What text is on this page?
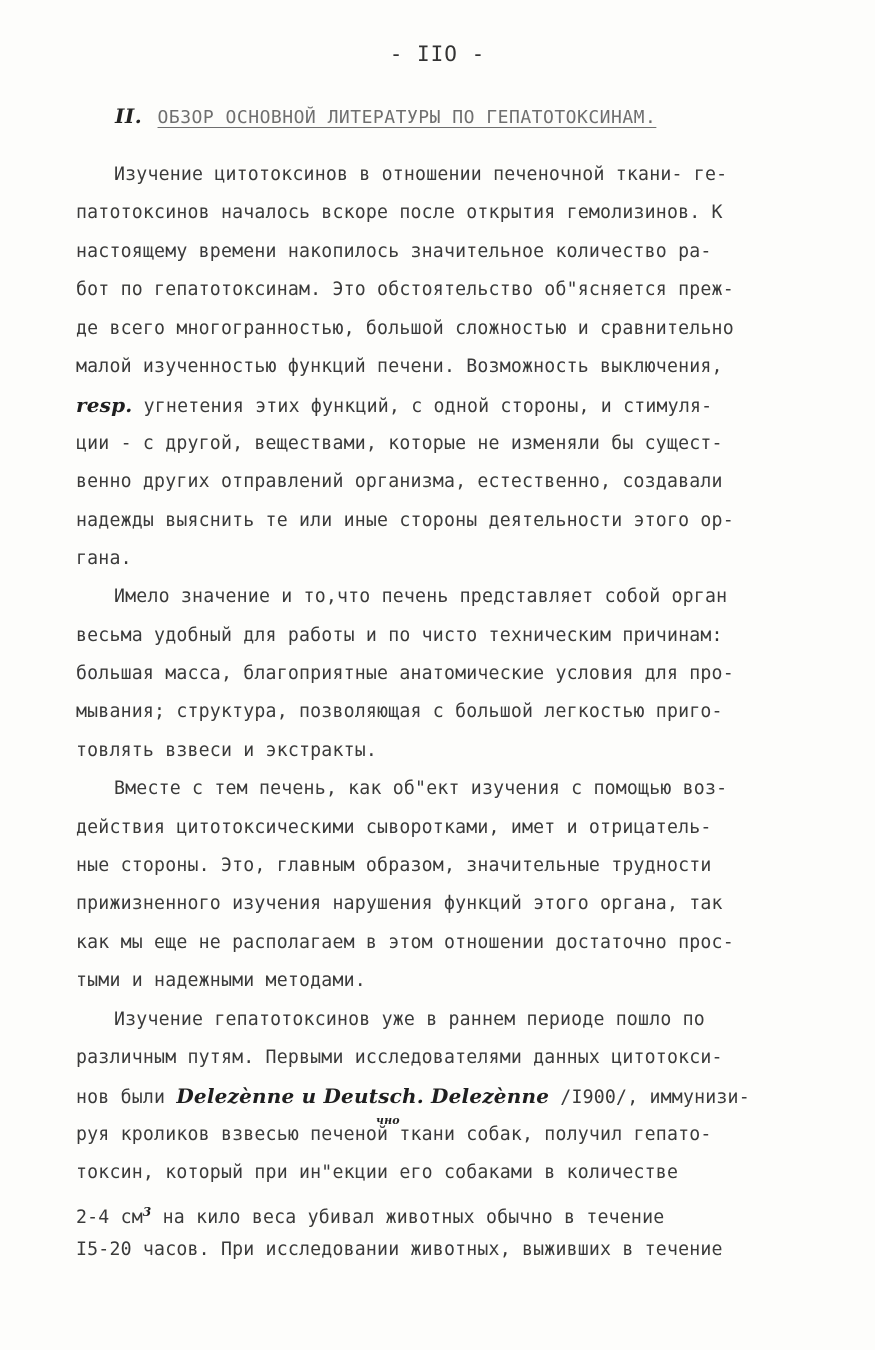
- IIO -
II. ОБЗОР ОСНОВНОЙ ЛИТЕРАТУРЫ ПО ГЕПАТОТОКСИНАМ.
Изучение цитотоксинов в отношении печеночной ткани- ге-
патотоксинов началось вскоре после открытия гемолизинов. К
настоящему времени накопилось значительное количество ра-
бот по гепатотоксинам. Это обстоятельство об"ясняется преж-
де всего многогранностью, большой сложностью и сравнительно
малой изученностью функций печени. Возможность выключения,
resp. угнетения этих функций, с одной стороны, и стимуля-
ции - с другой, веществами, которые не изменяли бы сущест-
венно других отправлений организма, естественно, создавали
надежды выяснить те или иные стороны деятельности этого ор-
гана.
Имело значение и то,что печень представляет собой орган
весьма удобный для работы и по чисто техническим причинам:
большая масса, благоприятные анатомические условия для про-
мывания; структура, позволяющая с большой легкостью приго-
товлять взвеси и экстракты.
Вместе с тем печень, как об"ект изучения с помощью воз-
действия цитотоксическими сыворотками, имет и отрицатель-
ные стороны. Это, главным образом, значительные трудности
прижизненного изучения нарушения функций этого органа, так
как мы еще не располагаем в этом отношении достаточно прос-
тыми и надежными методами.
Изучение гепатотоксинов уже в раннем периоде пошло по
различным путям. Первыми исследователями данных цитотокси-
нов были Delezènne u Deutsch. Delezènne /I900/, иммунизи-
чно
руя кроликов взвесью печеной ткани собак, получил гепато-
токсин, который при ин"екции его собаками в количестве
2-4 $см^3$ на кило веса убивал животных обычно в течение
I5-20 часов. При исследовании животных, выживших в течение
